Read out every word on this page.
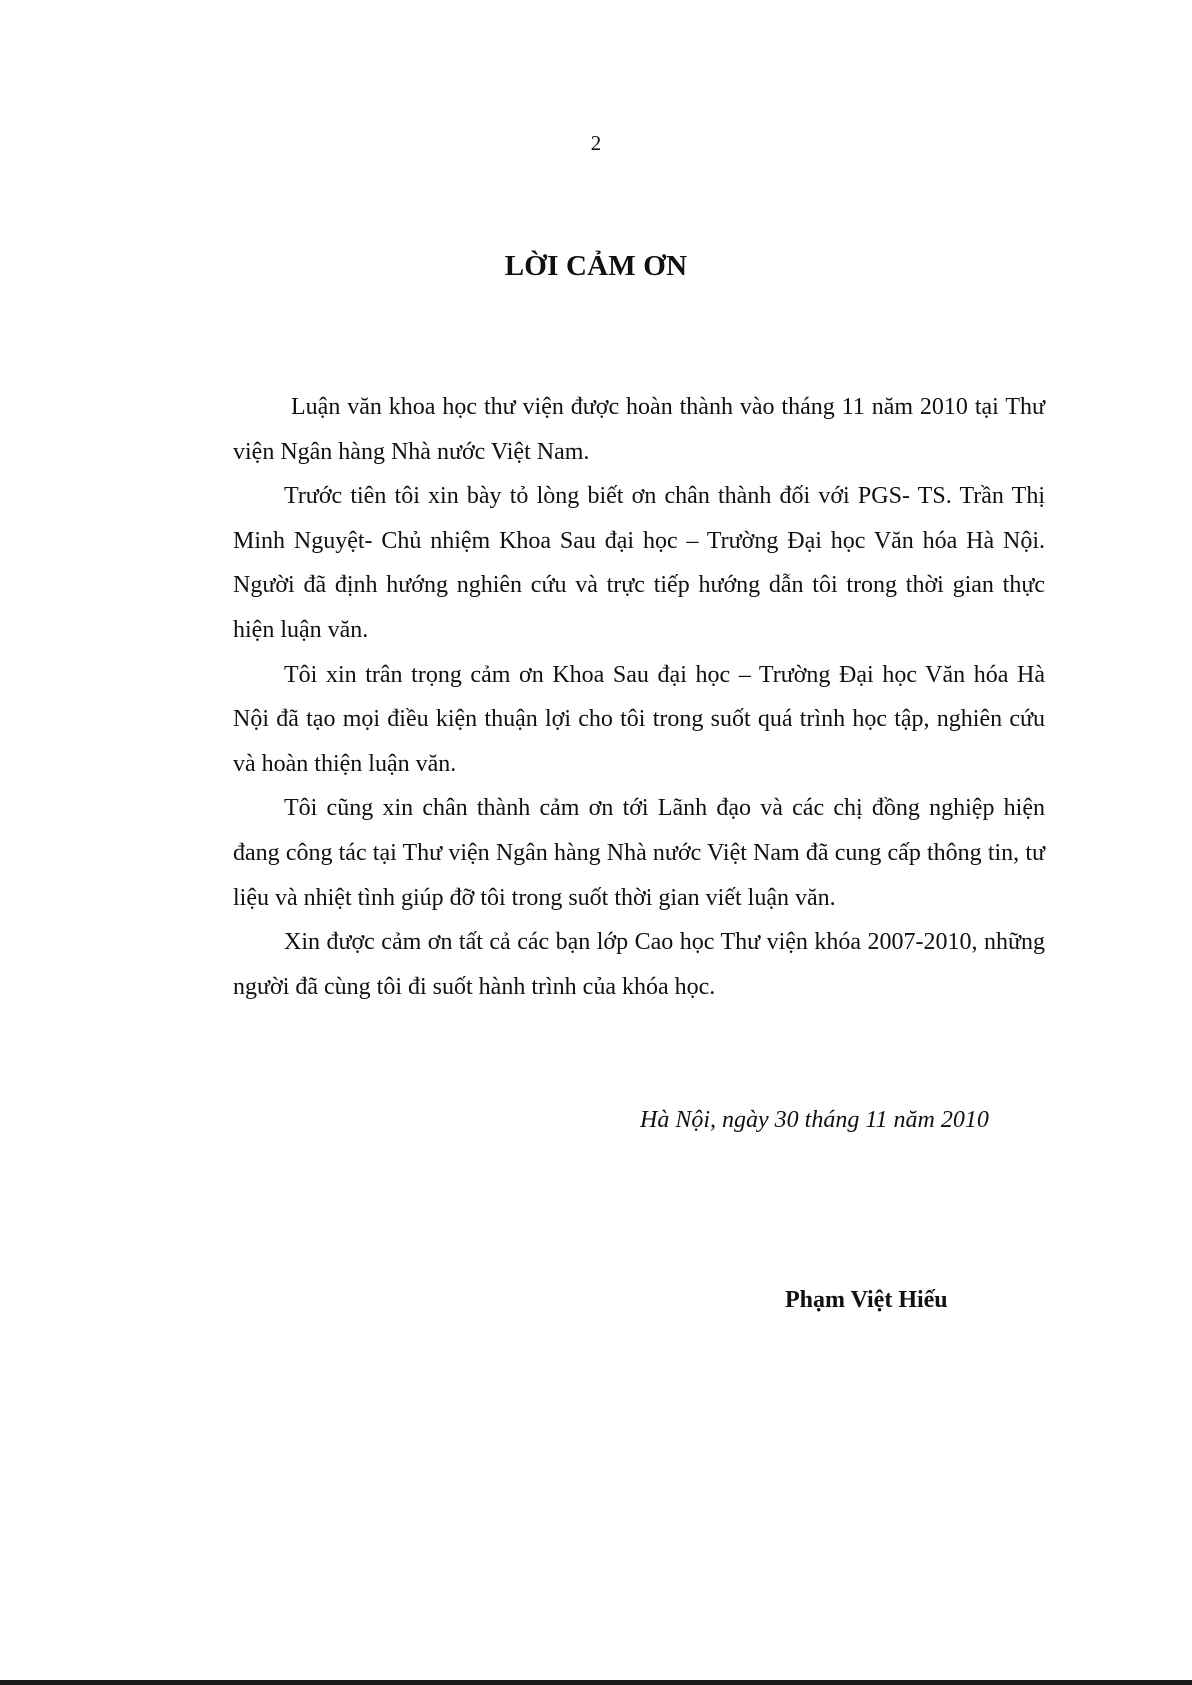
2
LỜI CẢM ƠN

Luận văn khoa học thư viện được hoàn thành vào tháng 11 năm 2010 tại Thư viện Ngân hàng Nhà nước Việt Nam.

Trước tiên tôi xin bày tỏ lòng biết ơn chân thành đối với PGS- TS. Trần Thị Minh Nguyệt- Chủ nhiệm Khoa Sau đại học – Trường Đại học Văn hóa Hà Nội. Người đã định hướng nghiên cứu và trực tiếp hướng dẫn tôi trong thời gian thực hiện luận văn.

Tôi xin trân trọng cảm ơn Khoa Sau đại học – Trường Đại học Văn hóa Hà Nội đã tạo mọi điều kiện thuận lợi cho tôi trong suốt quá trình học tập, nghiên cứu và hoàn thiện luận văn.

Tôi cũng xin chân thành cảm ơn tới Lãnh đạo và các chị đồng nghiệp hiện đang công tác tại Thư viện Ngân hàng Nhà nước Việt Nam đã cung cấp thông tin, tư liệu và nhiệt tình giúp đỡ tôi trong suốt thời gian viết luận văn.

Xin được cảm ơn tất cả các bạn lớp Cao học Thư viện khóa 2007-2010, những người đã cùng tôi đi suốt hành trình của khóa học.

Hà Nội, ngày 30 tháng 11 năm 2010
Phạm Việt Hiếu
